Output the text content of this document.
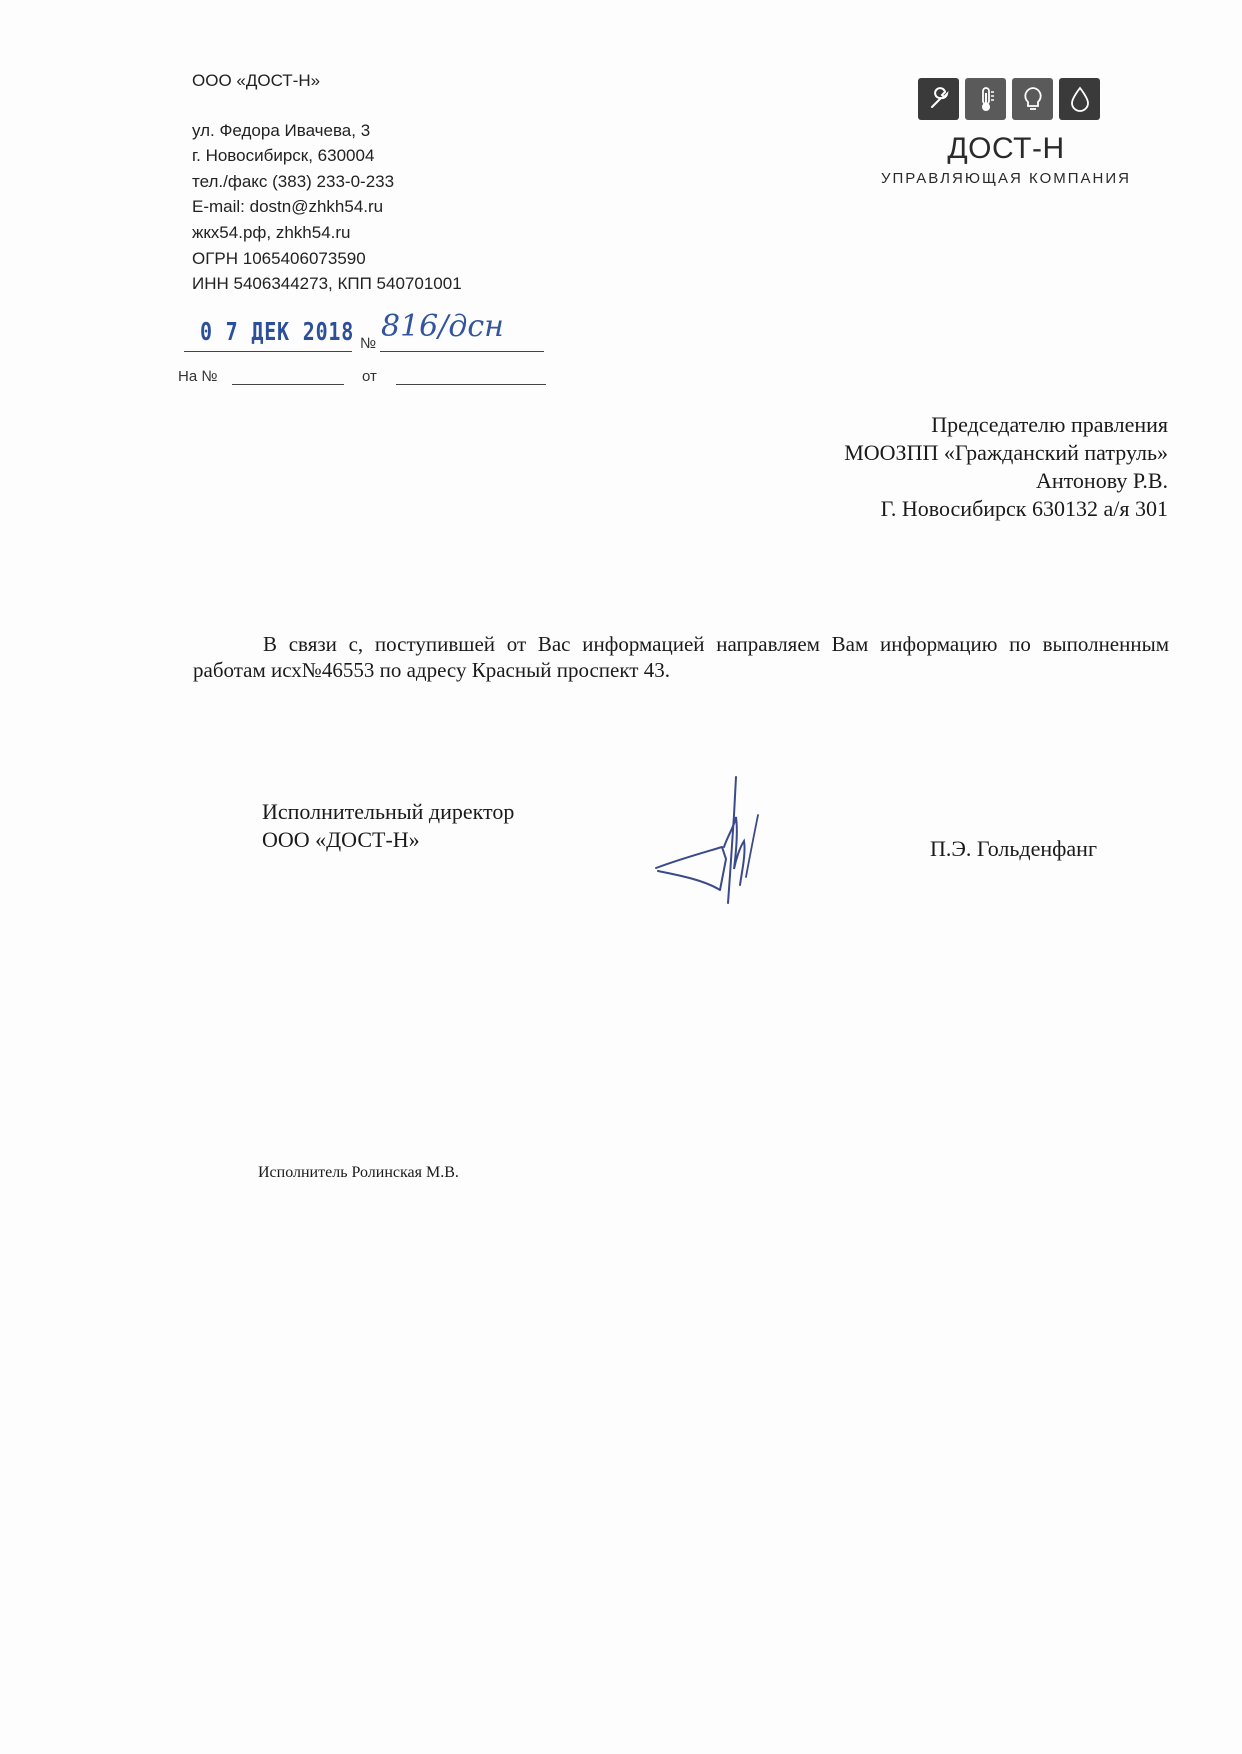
ООО «ДОСТ-Н»
ул. Федора Ивачева, 3
г. Новосибирск, 630004
тел./факс (383) 233-0-233
E-mail: dostn@zhkh54.ru
жкх54.рф, zhkh54.ru
ОГРН 1065406073590
ИНН 5406344273, КПП 540701001
ДОСТ-Н
УПРАВЛЯЮЩАЯ КОМПАНИЯ
0 7 ДЕК 2018 № 816/дсн
На №	от
Председателю правления
МООЗПП «Гражданский патруль»
Антонову Р.В.
Г. Новосибирск 630132 а/я 301
В связи с, поступившей от Вас информацией направляем Вам информацию по выполненным работам исх№46553 по адресу Красный проспект 43.
Исполнительный директор
ООО «ДОСТ-Н»	П.Э. Гольденфанг
Исполнитель Ролинская М.В.
